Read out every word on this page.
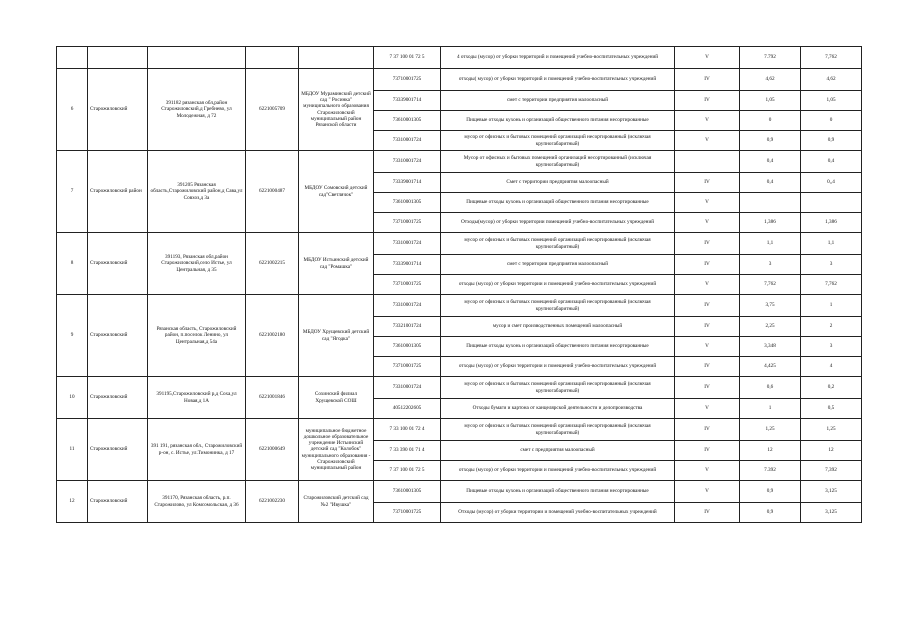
					7 37 100 01 72 5	4 отходы (мусор) от уборки территорий и помещений учебно-воспитательных учреждений	V	7.792	7,762
6	Старожиловский	391182 рязанская обл,район Старожиловский,д Гребнево, ул Молодежная, д 72	6221005709	МБДОУ Мураминский детский сад " Росинка" муниципального образования Старожиловский муниципальный район Рязанской области	73710001725	отходы( мусор) от уборки территорий и помещений учебно-воспитательных учреждений	IV	4,62	4,62
					73339001714	смет с территории предприятия малоопасный	IV	1,05	1,05
					73610001305	Пищевые отходы кухонь и организаций общественного питания несортированные	V	0	0
					73310001724	мусор от офисных и бытовых помещений организаций несортированный (исключая крупногабаритный)	V	0,9	0,9
7	Старожиловский район	391205 Рязанская область,Старожиловский район,д Сава,ул Совхоз,д 3а	6221000487	МБДОУ Сомовский детский сад"Светлячок"	73310001724	Мусор от офисных и бытовых помещений организаций несортированный (исключая крупногабаритный)		0,4	0,4
					73339001714	Смет с территории предприятия малоопасный	IV	0,4	0,,4
					73610001305	Пищевые отходы кухонь и организаций общественного питания несортированные	V		
					73710001725	Отходы(мусор) от уборки территории помещений учебно-воспитательных учреждений	V	1,386	1,386
8	Старожиловский	391193, Рязанская обл,район Старожиловский,село Истье, ул Центральная, д 35	6221002215	МБДОУ Истьинский детский сад "Ромашка"	73310001724	мусор от офисных и бытовых помещений организаций несортированный (исключая крупногабаритный)	IV	1,1	1,1
					73339001714	смет с территории предприятия малоопасный	IV	3	3
					73710001725	отходы (мусор) от уборки территории и помещений учебно-воспитательных учреждений	V	7,762	7,762
9	Старожиловский	Рязанская область, Старожиловский район, п.поселок Ленино, ул Центральная,д 54а	6221002180	МБДОУ Хрущевский детский сад "Ягодка"	73310001724	мусор от офисных и бытовых помещений организаций несортированный (исключая крупногабаритный)	IV	3,75	1
					73321001724	мусор и смет производственных помещений малоопасный	IV	2,25	2
					73610001305	Пищевые отходы кухонь и организаций общественного питания несортированные	V	3,348	3
					73710001725	отходы (мусор) от уборки территории и помещений учебно-воспитательных учреждений	IV	4,425	4
10	Старожиловский	391195,Старожиловский р,д Соха,ул Новая,д 1А	6221001846	Сохинский филиал Хрущевской СОШ	73310001724	мусор от офисных и бытовых помещений организаций несортированный (исключая крупногабаритный)	IV	0,6	0,2
					40512202605	Отходы бумаги и картона от канцелярской деятельности и делопроизводства	V	1	0,5
11	Старожиловский	391 191, рязанская обл., Старожиловский р-он, с. Истье, ул.Тимонинка, д 17	6221000649	муниципальное бюджетное дошкольное образовательное учреждение Истьинский детский сад "Колобок" муниципального образования - Старожиловский муниципальный район	7 33 100 01 72 4	мусор от офисных и бытовых помещений организаций несортированный (исключая крупногабаритный)	IV	1,25	1,25
					7 33 390 01 71 4	смет с предприятия малоопасный	IV	12	12
					7 37 100 01 72 5	отходы (мусор) от уборки территории и помещений учебно-воспитательных учреждений	V	7.392	7,392
12	Старожиловский	391170, Рязанская область, р.п. Старожилово, ул Комсомольская, д 36	6221002230	Старожиловский детский сад №2 "Ивушка"	73610001305	Пищевые отходы кухонь и организаций общественного питания несортированные	V	0,9	3,125
					73710001725	Отходы (мусор) от уборки территории и помещений учебно-воспитательных учреждений	IV	0,9	3,125
